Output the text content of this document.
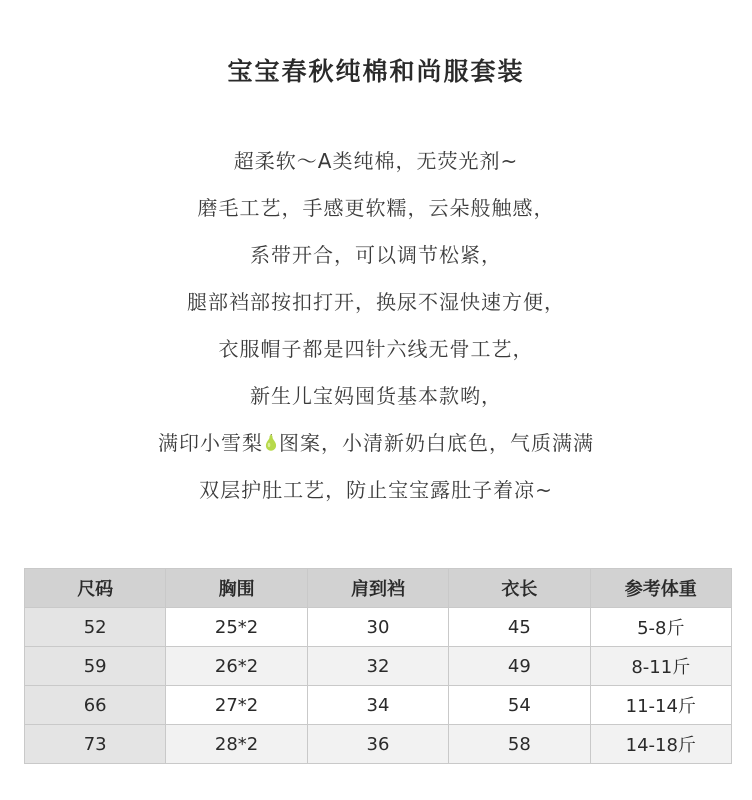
宝宝春秋纯棉和尚服套装
超柔软～A类纯棉，无荧光剂~
磨毛工艺，手感更软糯，云朵般触感，
系带开合，可以调节松紧，
腿部裆部按扣打开，换尿不湿快速方便，
衣服帽子都是四针六线无骨工艺，
新生儿宝妈囤货基本款哟，
满印小雪梨 图案，小清新奶白底色，气质满满
双层护肚工艺，防止宝宝露肚子着凉~
尺码	胸围	肩到裆	衣长	参考体重
52	25*2	30	45	5-8斤
59	26*2	32	49	8-11斤
66	27*2	34	54	11-14斤
73	28*2	36	58	14-18斤
